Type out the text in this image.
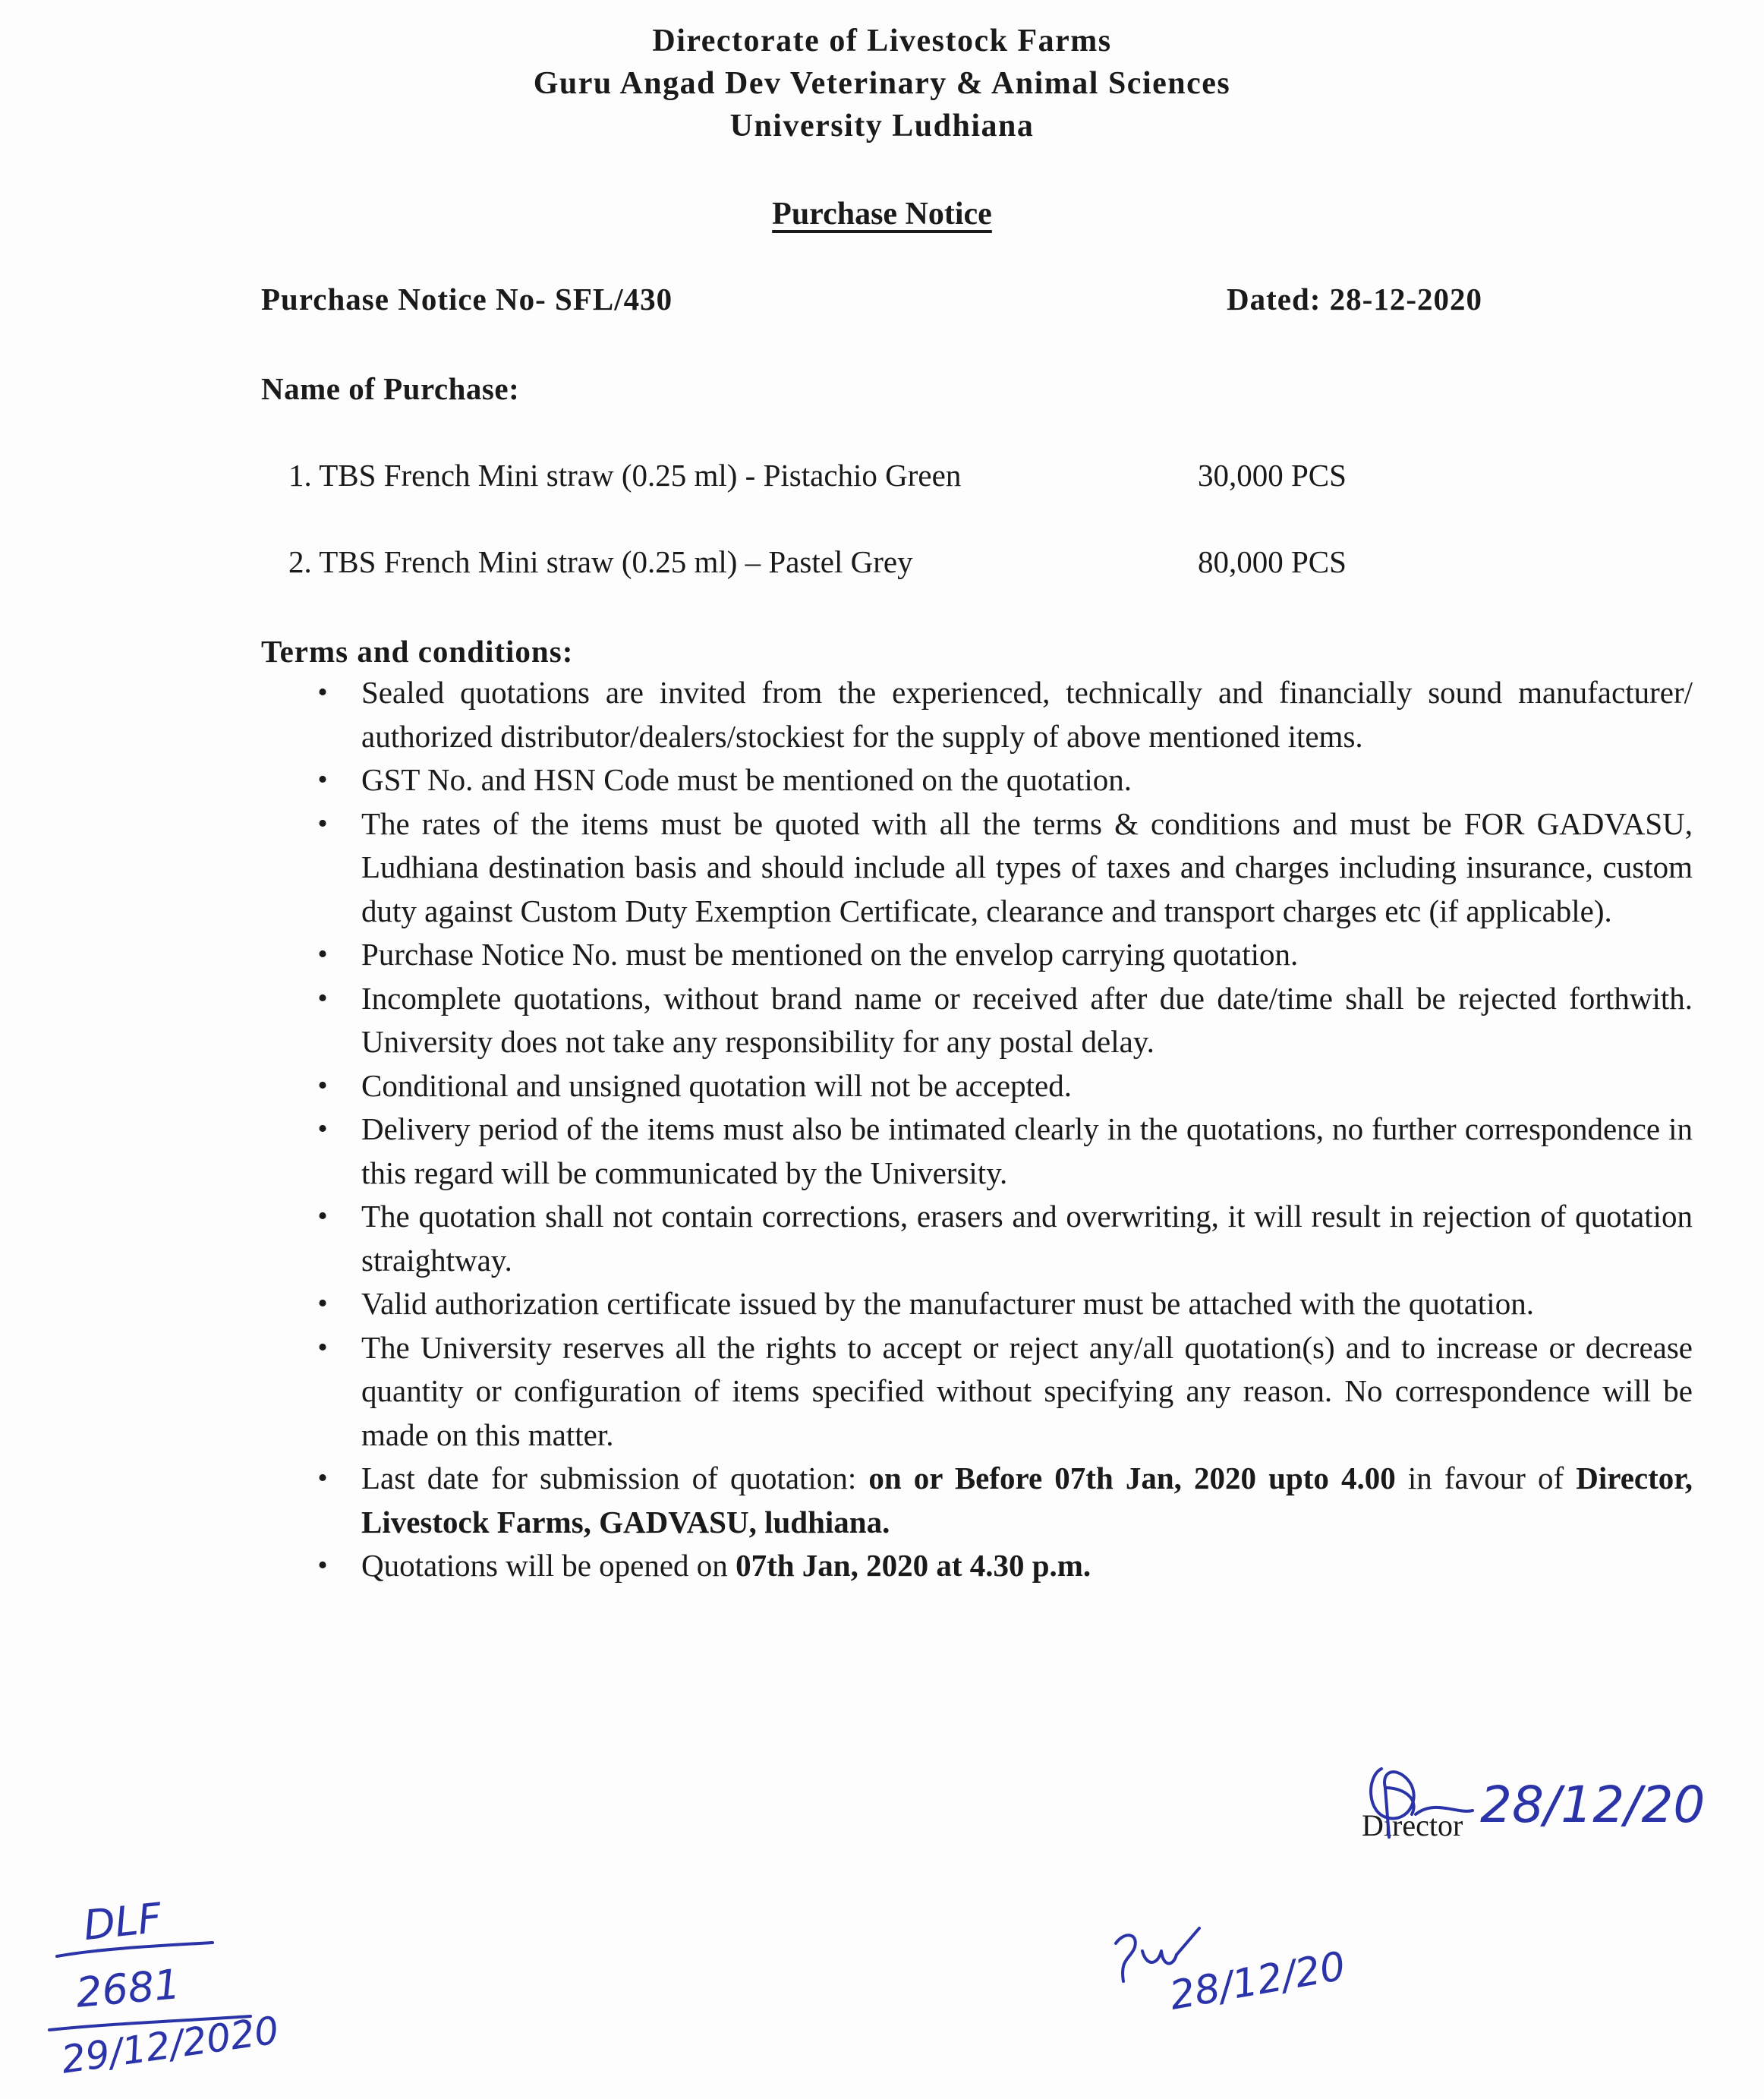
Directorate of Livestock Farms
Guru Angad Dev Veterinary & Animal Sciences
University Ludhiana
Purchase Notice
Purchase Notice No- SFL/430	Dated: 28-12-2020
Name of Purchase:
1. TBS French Mini straw (0.25 ml) - Pistachio Green	30,000 PCS
2. TBS French Mini straw (0.25 ml) – Pastel Grey	80,000 PCS
Terms and conditions:
• Sealed quotations are invited from the experienced, technically and financially sound manufacturer/ authorized distributor/dealers/stockiest for the supply of above mentioned items.
• GST No. and HSN Code must be mentioned on the quotation.
• The rates of the items must be quoted with all the terms & conditions and must be FOR GADVASU, Ludhiana destination basis and should include all types of taxes and charges including insurance, custom duty against Custom Duty Exemption Certificate, clearance and transport charges etc (if applicable).
• Purchase Notice No. must be mentioned on the envelop carrying quotation.
• Incomplete quotations, without brand name or received after due date/time shall be rejected forthwith. University does not take any responsibility for any postal delay.
• Conditional and unsigned quotation will not be accepted.
• Delivery period of the items must also be intimated clearly in the quotations, no further correspondence in this regard will be communicated by the University.
• The quotation shall not contain corrections, erasers and overwriting, it will result in rejection of quotation straightway.
• Valid authorization certificate issued by the manufacturer must be attached with the quotation.
• The University reserves all the rights to accept or reject any/all quotation(s) and to increase or decrease quantity or configuration of items specified without specifying any reason. No correspondence will be made on this matter.
• Last date for submission of quotation: on or Before 07th Jan, 2020 upto 4.00 in favour of Director, Livestock Farms, GADVASU, ludhiana.
• Quotations will be opened on 07th Jan, 2020 at 4.30 p.m.
Director 28/12/20
DLF
2681
29/12/2020
28/12/20
